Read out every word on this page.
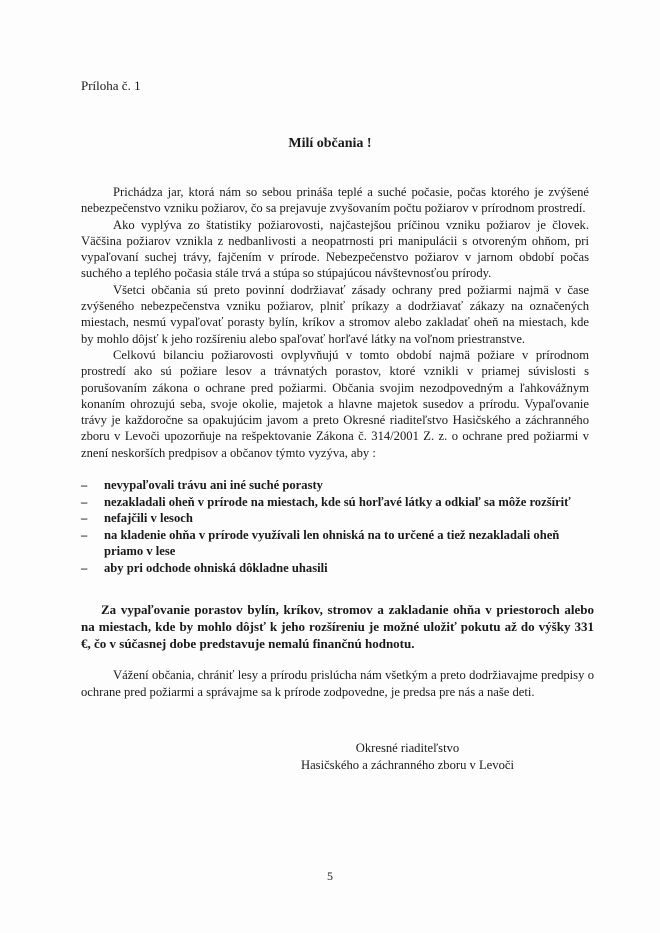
Príloha č. 1
Milí občania !

Prichádza jar, ktorá nám so sebou prináša teplé a suché počasie, počas ktorého je zvýšené nebezpečenstvo vzniku požiarov, čo sa prejavuje zvyšovaním počtu požiarov v prírodnom prostredí.

Ako vyplýva zo štatistiky požiarovosti, najčastejšou príčinou vzniku požiarov je človek. Väčšina požiarov vznikla z nedbanlivosti a neopatrnosti pri manipulácii s otvoreným ohňom, pri vypaľovaní suchej trávy, fajčením v prírode. Nebezpečenstvo požiarov v jarnom období počas suchého a teplého počasia stále trvá a stúpa so stúpajúcou návštevnosťou prírody.

Všetci občania sú preto povinní dodržiavať zásady ochrany pred požiarmi najmä v čase zvýšeného nebezpečenstva vzniku požiarov, plniť príkazy a dodržiavať zákazy na označených miestach, nesmú vypaľovať porasty bylín, kríkov a stromov alebo zakladať oheň na miestach, kde by mohlo dôjsť k jeho rozšíreniu alebo spaľovať horľavé látky na voľnom priestranstve.

Celkovú bilanciu požiarovosti ovplyvňujú v tomto období najmä požiare v prírodnom prostredí ako sú požiare lesov a trávnatých porastov, ktoré vznikli v priamej súvislosti s porušovaním zákona o ochrane pred požiarmi. Občania svojim nezodpovedným a ľahkovážnym konaním ohrozujú seba, svoje okolie, majetok a hlavne majetok susedov a prírodu. Vypaľovanie trávy je každoročne sa opakujúcim javom a preto Okresné riaditeľstvo Hasičského a záchranného zboru v Levoči upozorňuje na rešpektovanie Zákona č. 314/2001 Z. z. o ochrane pred požiarmi v znení neskorších predpisov a občanov týmto vyzýva, aby :

–	nevypaľovali trávu ani iné suché porasty
–	nezakladali oheň v prírode na miestach, kde sú horľavé látky a odkiaľ sa môže rozšíriť
–	nefajčili v lesoch
–	na kladenie ohňa v prírode využívali len ohniská na to určené a tiež nezakladali oheň priamo v lese
–	aby pri odchode ohniská dôkladne uhasili
Za vypaľovanie porastov bylín, kríkov, stromov a zakladanie ohňa v priestoroch alebo na miestach, kde by mohlo dôjsť k jeho rozšíreniu je možné uložiť pokutu až do výšky 331 €, čo v súčasnej dobe predstavuje nemalú finančnú hodnotu.
Vážení občania, chrániť lesy a prírodu prislúcha nám všetkým a preto dodržiavajme predpisy o ochrane pred požiarmi a správajme sa k prírode zodpovedne, je predsa pre nás a naše deti.
Okresné riaditeľstvo
Hasičského a záchranného zboru v Levoči
5
